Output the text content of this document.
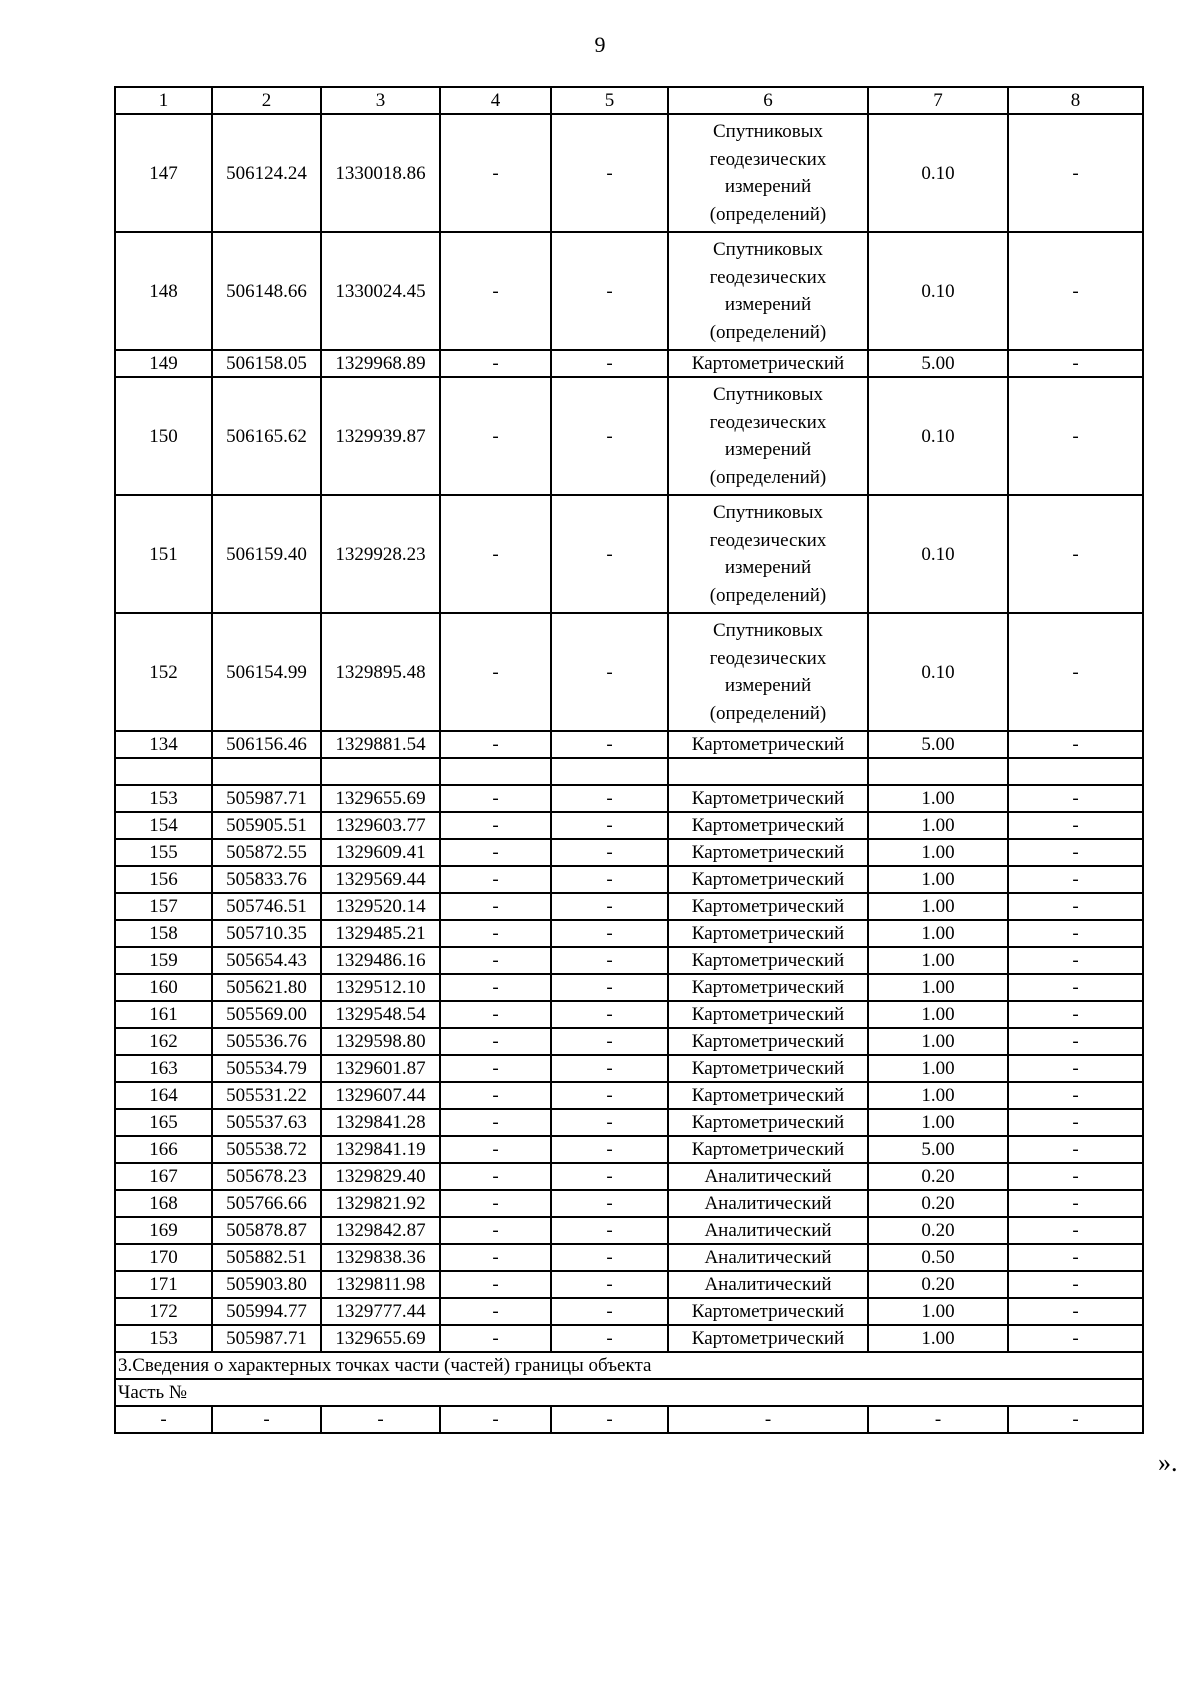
9
1	2	3	4	5	6	7	8
147	506124.24	1330018.86	-	-	Спутниковых геодезических измерений (определений)	0.10	-
148	506148.66	1330024.45	-	-	Спутниковых геодезических измерений (определений)	0.10	-
149	506158.05	1329968.89	-	-	Картометрический	5.00	-
150	506165.62	1329939.87	-	-	Спутниковых геодезических измерений (определений)	0.10	-
151	506159.40	1329928.23	-	-	Спутниковых геодезических измерений (определений)	0.10	-
152	506154.99	1329895.48	-	-	Спутниковых геодезических измерений (определений)	0.10	-
134	506156.46	1329881.54	-	-	Картометрический	5.00	-

153	505987.71	1329655.69	-	-	Картометрический	1.00	-
154	505905.51	1329603.77	-	-	Картометрический	1.00	-
155	505872.55	1329609.41	-	-	Картометрический	1.00	-
156	505833.76	1329569.44	-	-	Картометрический	1.00	-
157	505746.51	1329520.14	-	-	Картометрический	1.00	-
158	505710.35	1329485.21	-	-	Картометрический	1.00	-
159	505654.43	1329486.16	-	-	Картометрический	1.00	-
160	505621.80	1329512.10	-	-	Картометрический	1.00	-
161	505569.00	1329548.54	-	-	Картометрический	1.00	-
162	505536.76	1329598.80	-	-	Картометрический	1.00	-
163	505534.79	1329601.87	-	-	Картометрический	1.00	-
164	505531.22	1329607.44	-	-	Картометрический	1.00	-
165	505537.63	1329841.28	-	-	Картометрический	1.00	-
166	505538.72	1329841.19	-	-	Картометрический	5.00	-
167	505678.23	1329829.40	-	-	Аналитический	0.20	-
168	505766.66	1329821.92	-	-	Аналитический	0.20	-
169	505878.87	1329842.87	-	-	Аналитический	0.20	-
170	505882.51	1329838.36	-	-	Аналитический	0.50	-
171	505903.80	1329811.98	-	-	Аналитический	0.20	-
172	505994.77	1329777.44	-	-	Картометрический	1.00	-
153	505987.71	1329655.69	-	-	Картометрический	1.00	-
3.Сведения о характерных точках части (частей) границы объекта							
Часть №							
-	-	-	-	-	-	-	-
».
